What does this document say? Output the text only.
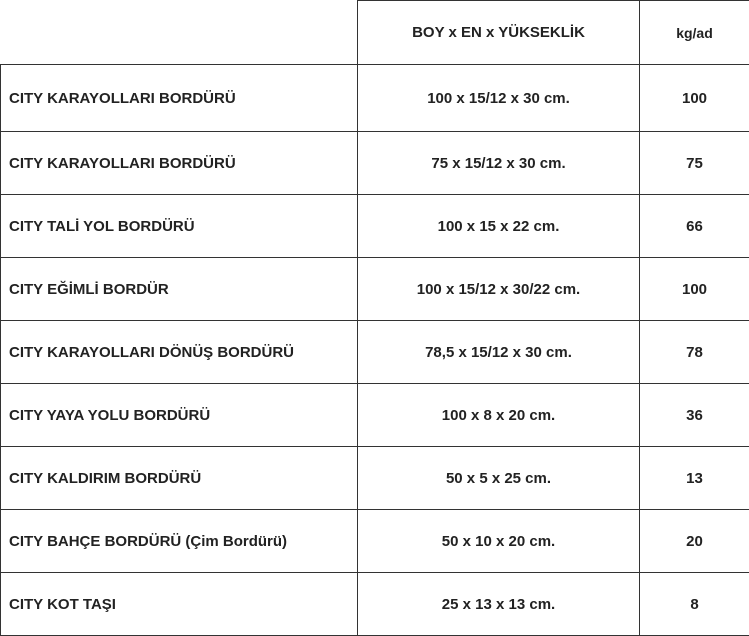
	BOY x EN x YÜKSEKLİK	kg/ad
CITY KARAYOLLARI BORDÜRÜ	100 x 15/12 x 30 cm.	100
CITY KARAYOLLARI BORDÜRÜ	75 x 15/12 x 30 cm.	75
CITY TALİ YOL BORDÜRÜ	100 x 15 x 22 cm.	66
CITY EĞİMLİ BORDÜR	100 x 15/12 x 30/22 cm.	100
CITY KARAYOLLARI DÖNÜŞ BORDÜRÜ	78,5 x 15/12 x 30 cm.	78
CITY YAYA YOLU BORDÜRÜ	100 x 8 x 20 cm.	36
CITY KALDIRIM BORDÜRÜ	50 x 5 x 25 cm.	13
CITY BAHÇE BORDÜRÜ (Çim Bordürü)	50 x 10 x 20 cm.	20
CITY KOT TAŞI	25 x 13 x 13 cm.	8
